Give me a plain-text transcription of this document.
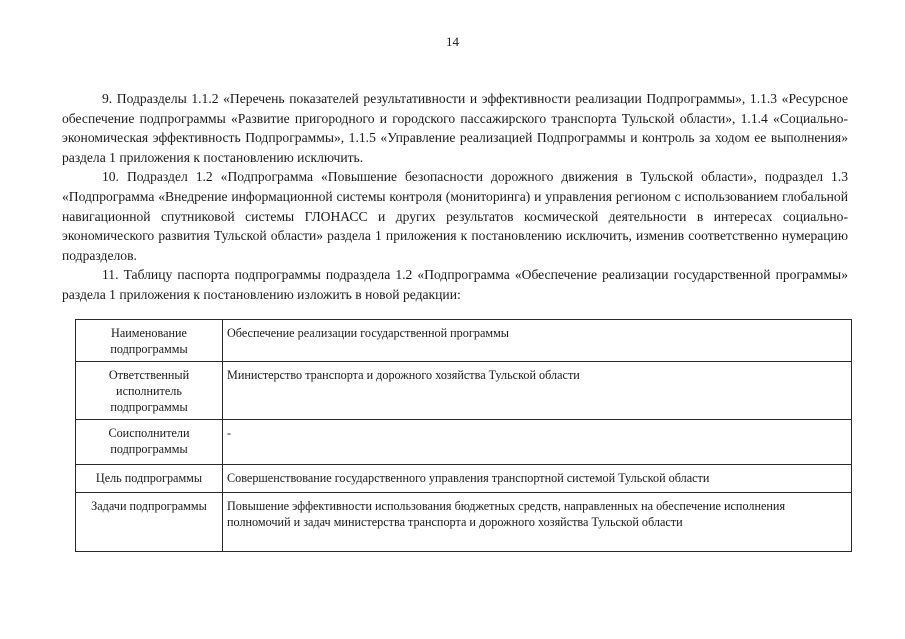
14

9. Подразделы 1.1.2 «Перечень показателей результативности и эффективности реализации Подпрограммы», 1.1.3 «Ресурсное обеспечение подпрограммы «Развитие пригородного и городского пассажирского транспорта Тульской области», 1.1.4 «Социально-экономическая эффективность Подпрограммы», 1.1.5 «Управление реализацией Подпрограммы и контроль за ходом ее выполнения» раздела 1 приложения к постановлению исключить.

10. Подраздел 1.2 «Подпрограмма «Повышение безопасности дорожного движения в Тульской области», подраздел 1.3 «Подпрограмма «Внедрение информационной системы контроля (мониторинга) и управления регионом с использованием глобальной навигационной спутниковой системы ГЛОНАСС и других результатов космической деятельности в интересах социально-экономического развития Тульской области» раздела 1 приложения к постановлению исключить, изменив соответственно нумерацию подразделов.

11. Таблицу паспорта подпрограммы подраздела 1.2 «Подпрограмма «Обеспечение реализации государственной программы» раздела 1 приложения к постановлению изложить в новой редакции:

Наименование подпрограммы	Обеспечение реализации государственной программы
Ответственный исполнитель подпрограммы	Министерство транспорта и дорожного хозяйства Тульской области
Соисполнители подпрограммы	-
Цель подпрограммы	Совершенствование государственного управления транспортной системой Тульской области
Задачи подпрограммы	Повышение эффективности использования бюджетных средств, направленных на обеспечение исполнения полномочий и задач министерства транспорта и дорожного хозяйства Тульской области
